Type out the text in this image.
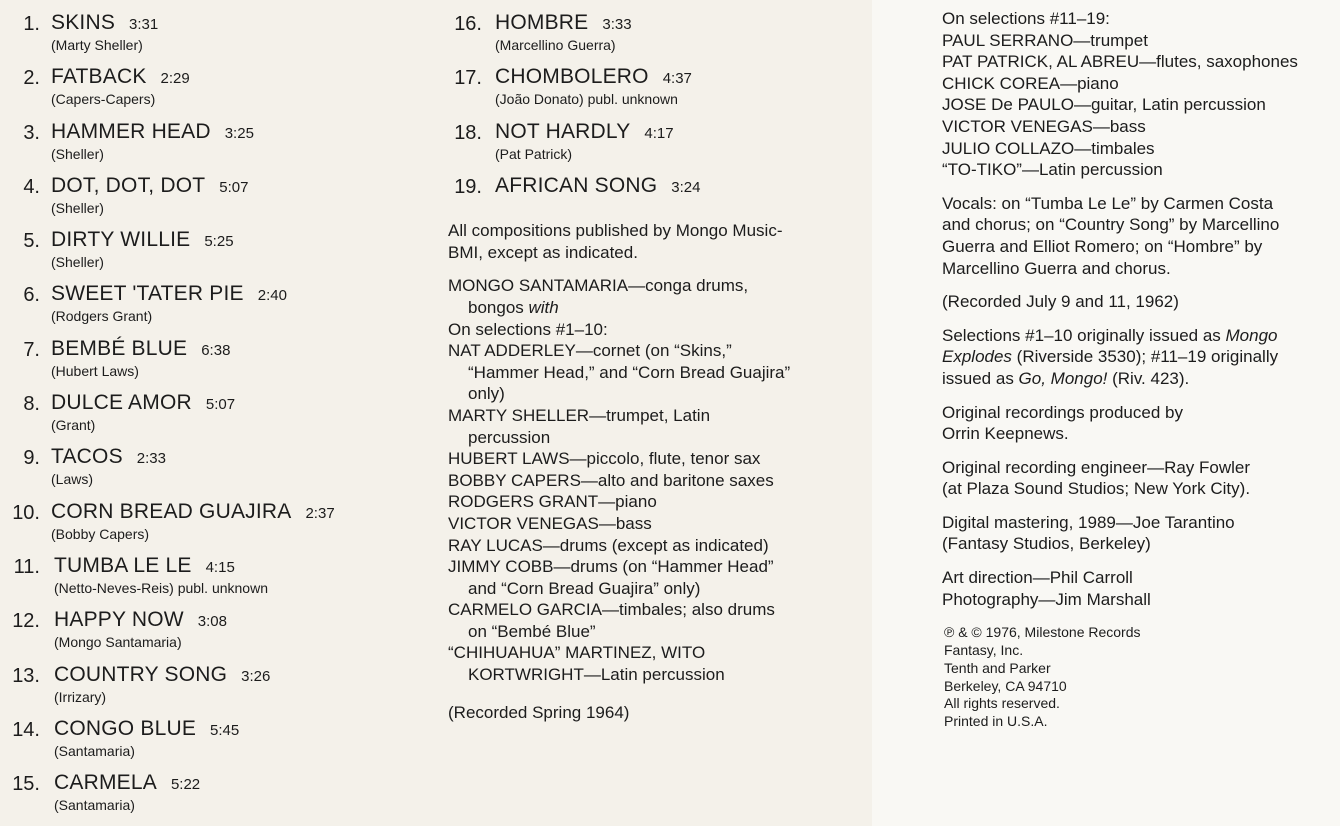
1. SKINS 3:31
(Marty Sheller)
2. FATBACK 2:29
(Capers-Capers)
3. HAMMER HEAD 3:25
(Sheller)
4. DOT, DOT, DOT 5:07
(Sheller)
5. DIRTY WILLIE 5:25
(Sheller)
6. SWEET 'TATER PIE 2:40
(Rodgers Grant)
7. BEMBÉ BLUE 6:38
(Hubert Laws)
8. DULCE AMOR 5:07
(Grant)
9. TACOS 2:33
(Laws)
10. CORN BREAD GUAJIRA 2:37
(Bobby Capers)
11. TUMBA LE LE 4:15
(Netto-Neves-Reis) publ. unknown
12. HAPPY NOW 3:08
(Mongo Santamaria)
13. COUNTRY SONG 3:26
(Irrizary)
14. CONGO BLUE 5:45
(Santamaria)
15. CARMELA 5:22
(Santamaria)
16. HOMBRE 3:33
(Marcellino Guerra)
17. CHOMBOLERO 4:37
(João Donato) publ. unknown
18. NOT HARDLY 4:17
(Pat Patrick)
19. AFRICAN SONG 3:24
All compositions published by Mongo Music-
BMI, except as indicated.
MONGO SANTAMARIA—conga drums,
bongos with
On selections #1–10:
NAT ADDERLEY—cornet (on “Skins,”
“Hammer Head,” and “Corn Bread Guajira”
only)
MARTY SHELLER—trumpet, Latin
percussion
HUBERT LAWS—piccolo, flute, tenor sax
BOBBY CAPERS—alto and baritone saxes
RODGERS GRANT—piano
VICTOR VENEGAS—bass
RAY LUCAS—drums (except as indicated)
JIMMY COBB—drums (on “Hammer Head”
and “Corn Bread Guajira” only)
CARMELO GARCIA—timbales; also drums
on “Bembé Blue”
“CHIHUAHUA” MARTINEZ, WITO
KORTWRIGHT—Latin percussion
(Recorded Spring 1964)
On selections #11–19:
PAUL SERRANO—trumpet
PAT PATRICK, AL ABREU—flutes, saxophones
CHICK COREA—piano
JOSE De PAULO—guitar, Latin percussion
VICTOR VENEGAS—bass
JULIO COLLAZO—timbales
“TO-TIKO”—Latin percussion
Vocals: on “Tumba Le Le” by Carmen Costa
and chorus; on “Country Song” by Marcellino
Guerra and Elliot Romero; on “Hombre” by
Marcellino Guerra and chorus.
(Recorded July 9 and 11, 1962)
Selections #1–10 originally issued as Mongo
Explodes (Riverside 3530); #11–19 originally
issued as Go, Mongo! (Riv. 423).
Original recordings produced by
Orrin Keepnews.
Original recording engineer—Ray Fowler
(at Plaza Sound Studios; New York City).
Digital mastering, 1989—Joe Tarantino
(Fantasy Studios, Berkeley)
Art direction—Phil Carroll
Photography—Jim Marshall
℗ & © 1976, Milestone Records
Fantasy, Inc.
Tenth and Parker
Berkeley, CA 94710
All rights reserved.
Printed in U.S.A.
